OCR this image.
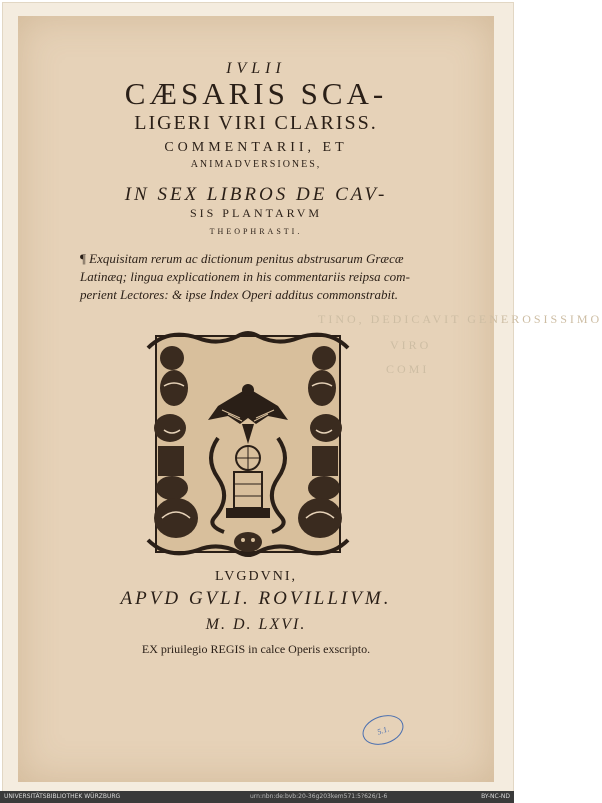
TINO, DEDICAVIT GENEROSISSIMO
VIRO
COMI
IVLII
CÆSARIS SCA-
LIGERI VIRI CLARISS.
COMMENTARII, ET
ANIMADVERSIONES,
IN SEX LIBROS DE CAV-
SIS PLANTARVM
THEOPHRASTI.
¶ Exquisitam rerum ac dictionum penitus abstrusarum Græcæ
Latinæq; lingua explicationem in his commentariis reipsa com-
perient Lectores: & ipse Index Operi additus commonstrabit.
LVGDVNI,
APVD GVLI. ROVILLIVM.
M. D. LXVI.
EX priuilegio REGIS in calce Operis exscripto.
5.1.
UNIVERSITÄTSBIBLIOTHEK WÜRZBURG	urn:nbn:de:bvb:20-36g203kem571:5?626/1-6	BY-NC-ND
